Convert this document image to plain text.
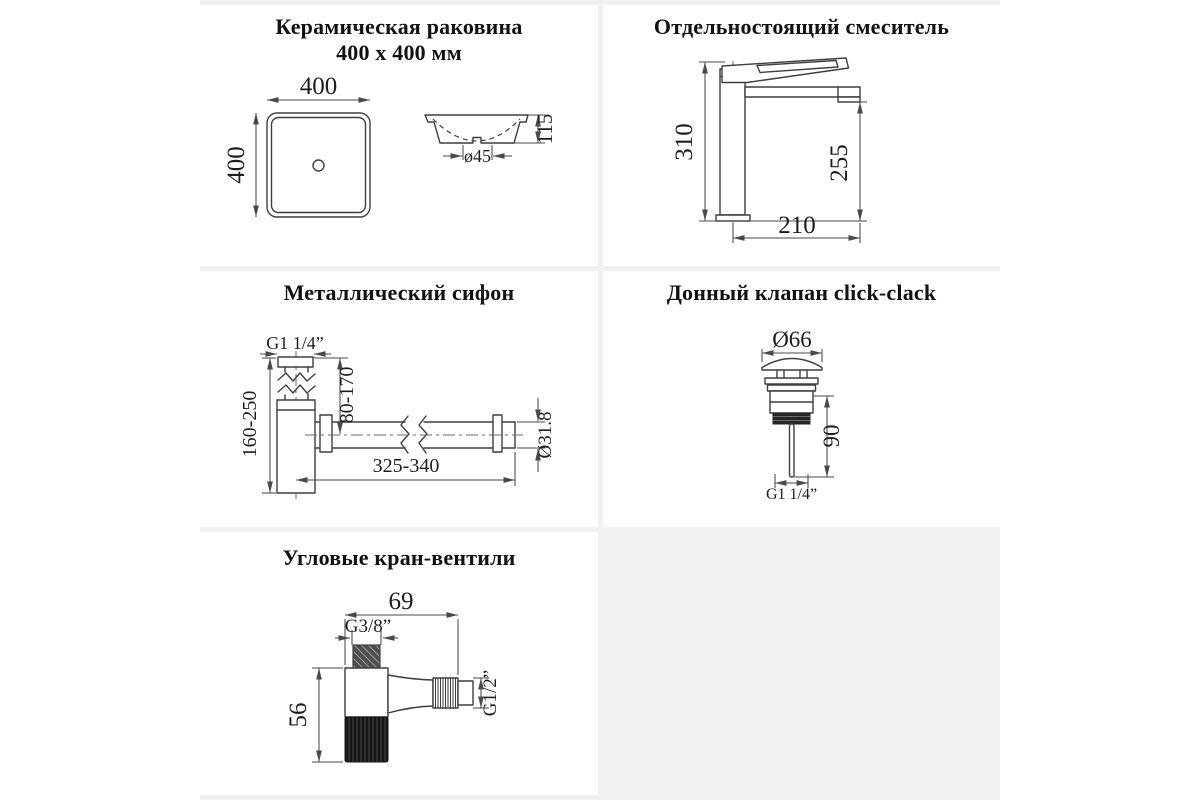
Керамическая раковина
400 x 400 мм
400
400
115
ø45
Отдельностоящий смеситель
310
255
210
Металлический сифон
G1 1/4”
160-250	80-170
325-340
Ø31.8
Донный клапан click-clack
Ø66
90
G1 1/4”
Угловые кран-вентили
69
G3/8”
56	G1/2”
